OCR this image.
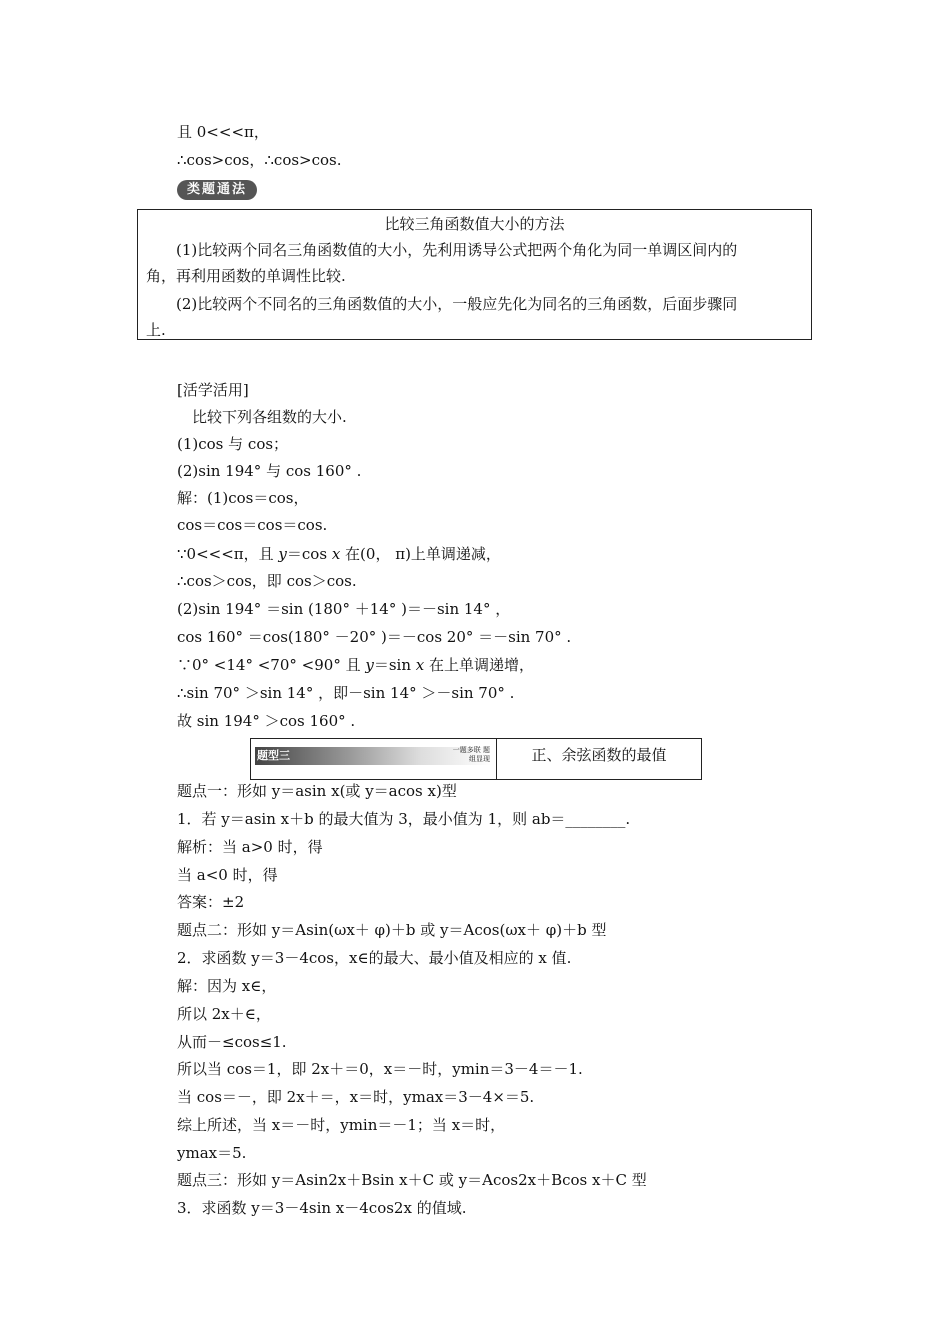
且 0<<<π，
∴cos>cos，∴cos>cos.
类题通法
比较三角函数值大小的方法
　　(1)比较两个同名三角函数值的大小，先利用诱导公式把两个角化为同一单调区间内的
角，再利用函数的单调性比较.
　　(2)比较两个不同名的三角函数值的大小，一般应先化为同名的三角函数，后面步骤同
上.
[活学活用]
　比较下列各组数的大小.
(1)cos 与 cos；
(2)sin 194° 与 cos 160° .
解：(1)cos＝cos，
cos＝cos＝cos＝cos.
∵0<<<π，且 y＝cos x 在(0， π)上单调递减，
∴cos＞cos，即 cos＞cos.
(2)sin 194° ＝sin (180° ＋14° )＝－sin 14° ，
cos 160° ＝cos(180° －20° )＝－cos 20° ＝－sin 70° .
∵0° <14° <70° <90° 且 y＝sin x 在上单调递增，
∴sin 70° ＞sin 14° ，即－sin 14° ＞－sin 70° .
故 sin 194° ＞cos 160° .
题型三	一题多联 题组显现	正、余弦函数的最值
题点一：形如 y＝asin x(或 y＝acos x)型
1．若 y＝asin x＋b 的最大值为 3，最小值为 1，则 ab＝________.
解析：当 a>0 时，得
当 a<0 时，得
答案：±2
题点二：形如 y＝Asin(ωx＋ φ)＋b 或 y＝Acos(ωx＋ φ)＋b 型
2．求函数 y＝3－4cos，x∈的最大、最小值及相应的 x 值.
解：因为 x∈，
所以 2x＋∈，
从而－≤cos≤1.
所以当 cos＝1，即 2x＋＝0，x＝－时，ymin＝3－4＝－1.
当 cos＝－，即 2x＋＝，x＝时，ymax＝3－4×＝5.
综上所述，当 x＝－时，ymin＝－1；当 x＝时，
ymax＝5.
题点三：形如 y＝Asin2x＋Bsin x＋C 或 y＝Acos2x＋Bcos x＋C 型
3．求函数 y＝3－4sin x－4cos2x 的值域.
